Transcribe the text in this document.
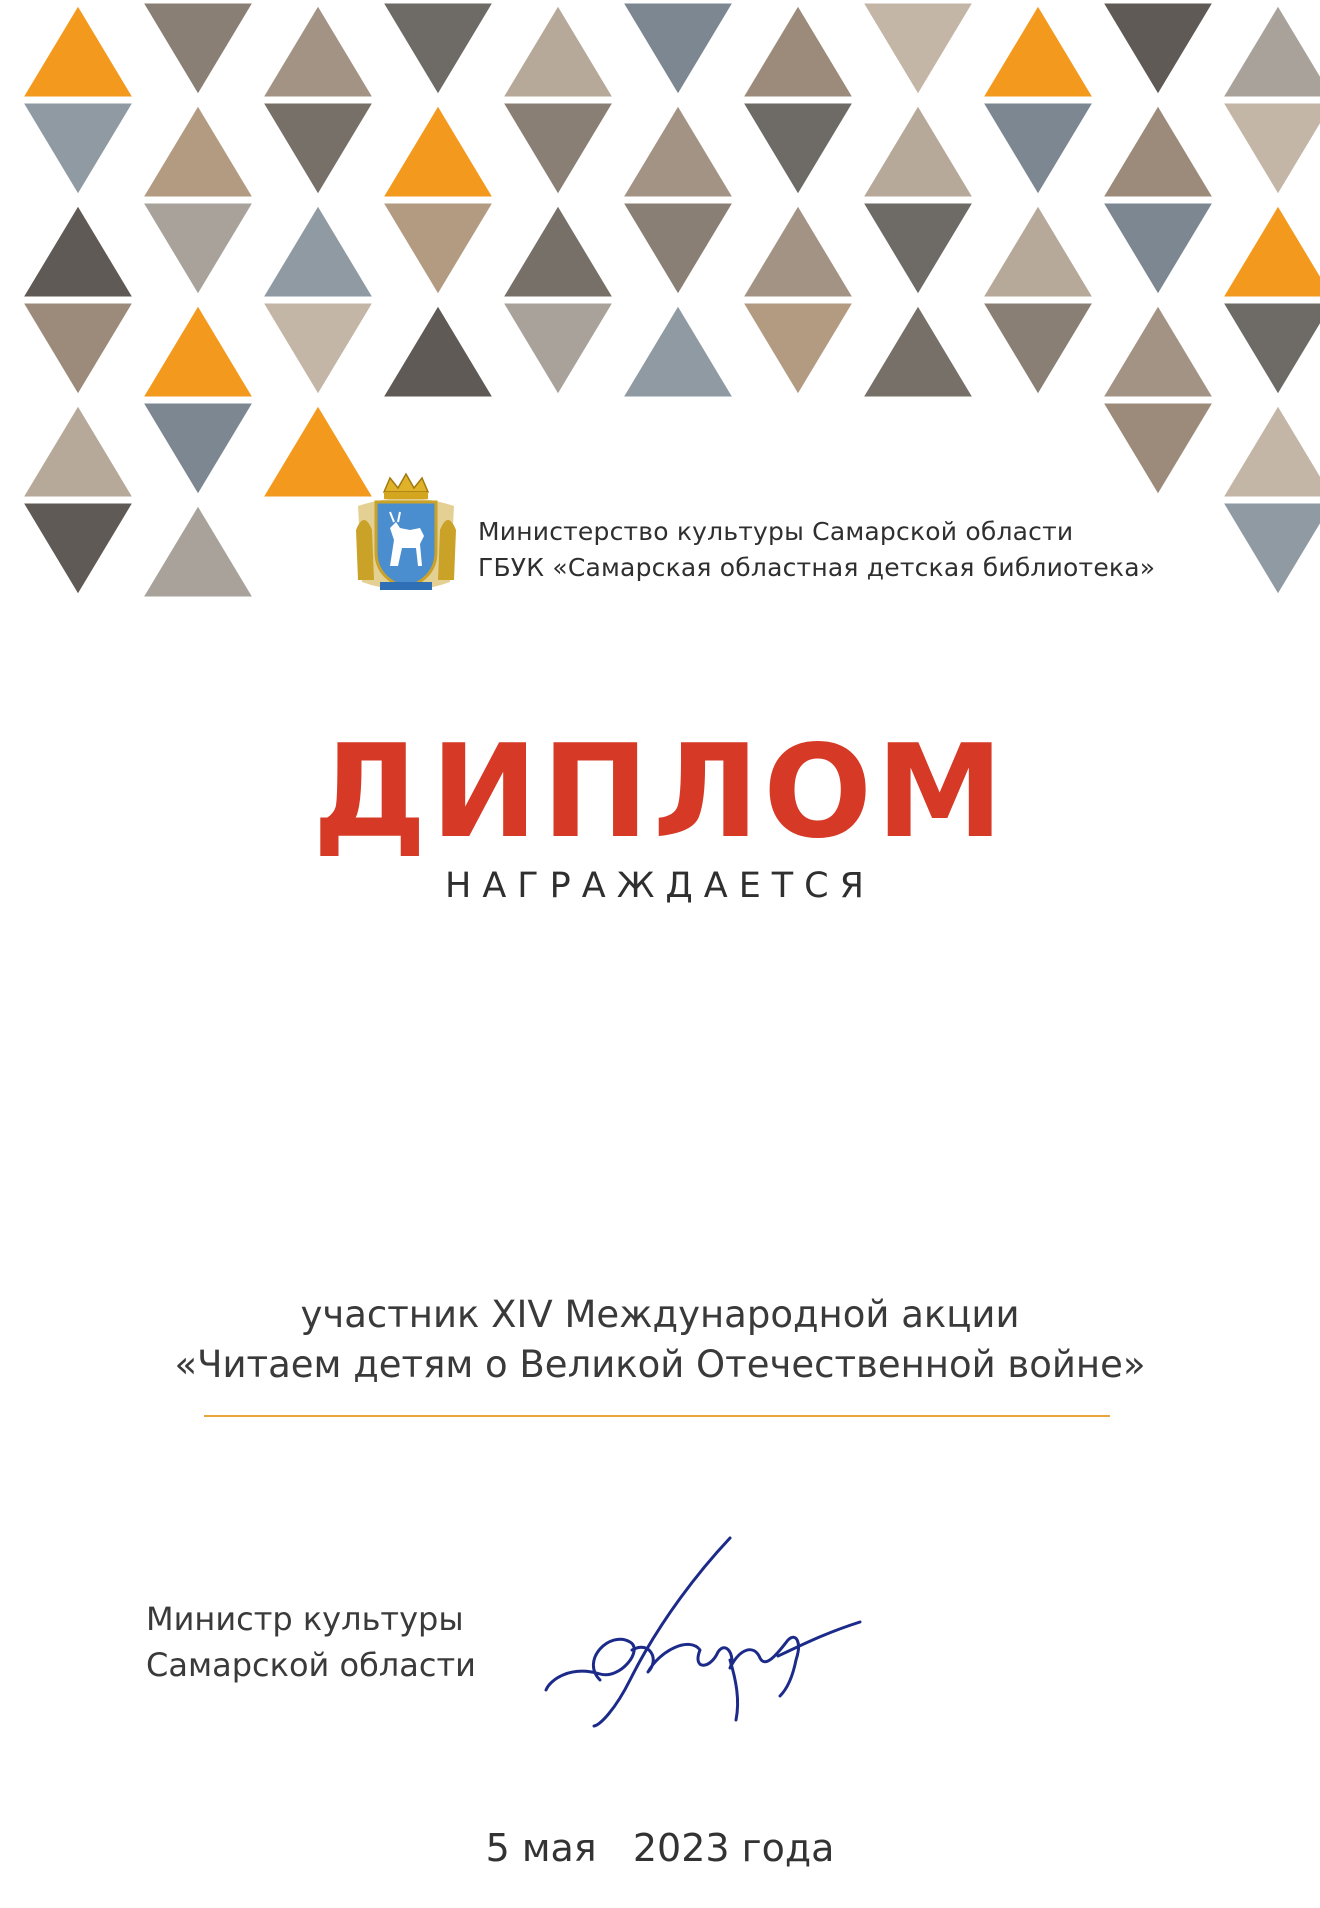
Министерство культуры Самарской области
ГБУК «Самарская областная детская библиотека»
ДИПЛОМ
НАГРАЖДАЕТСЯ
участник XIV Международной акции
«Читаем детям о Великой Отечественной войне»
Министр культуры
Самарской области
5 мая   2023 года
